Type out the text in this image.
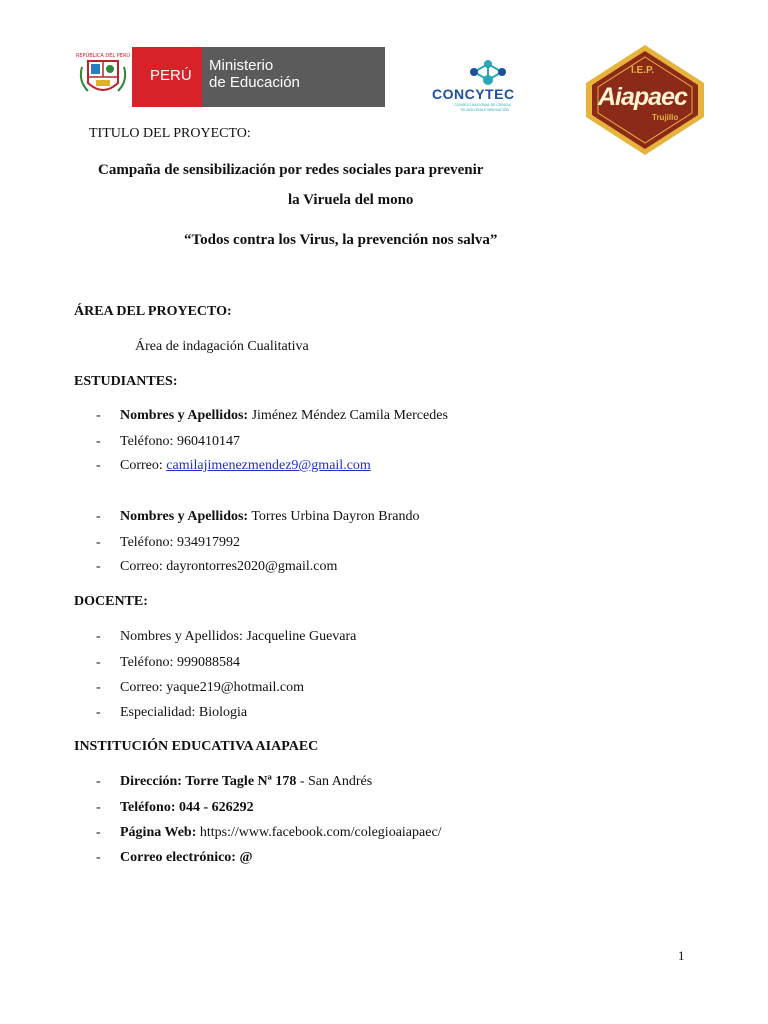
REPÚBLICA DEL PERÚ
PERÚ
Ministerio
de Educación
CONCYTEC
CONSEJO NACIONAL DE CIENCIA,
TECNOLOGÍA E INNOVACIÓN
I.E.P.
Aiapaec
Trujillo
TITULO DEL PROYECTO:
Campaña de sensibilización por redes sociales para prevenir
la Viruela del mono
“Todos contra los Virus, la prevención nos salva”
ÁREA DEL PROYECTO:
Área de indagación Cualitativa
ESTUDIANTES:
- Nombres y Apellidos: Jiménez Méndez Camila Mercedes
- Teléfono: 960410147
- Correo: camilajimenezmendez9@gmail.com
- Nombres y Apellidos: Torres Urbina Dayron Brando
- Teléfono: 934917992
- Correo: dayrontorres2020@gmail.com
DOCENTE:
- Nombres y Apellidos: Jacqueline Guevara
- Teléfono: 999088584
- Correo: yaque219@hotmail.com
- Especialidad: Biologia
INSTITUCIÓN EDUCATIVA AIAPAEC
- Dirección: Torre Tagle Nª 178 - San Andrés
- Teléfono: 044 - 626292
- Página Web: https://www.facebook.com/colegioaiapaec/
- Correo electrónico: @
1
